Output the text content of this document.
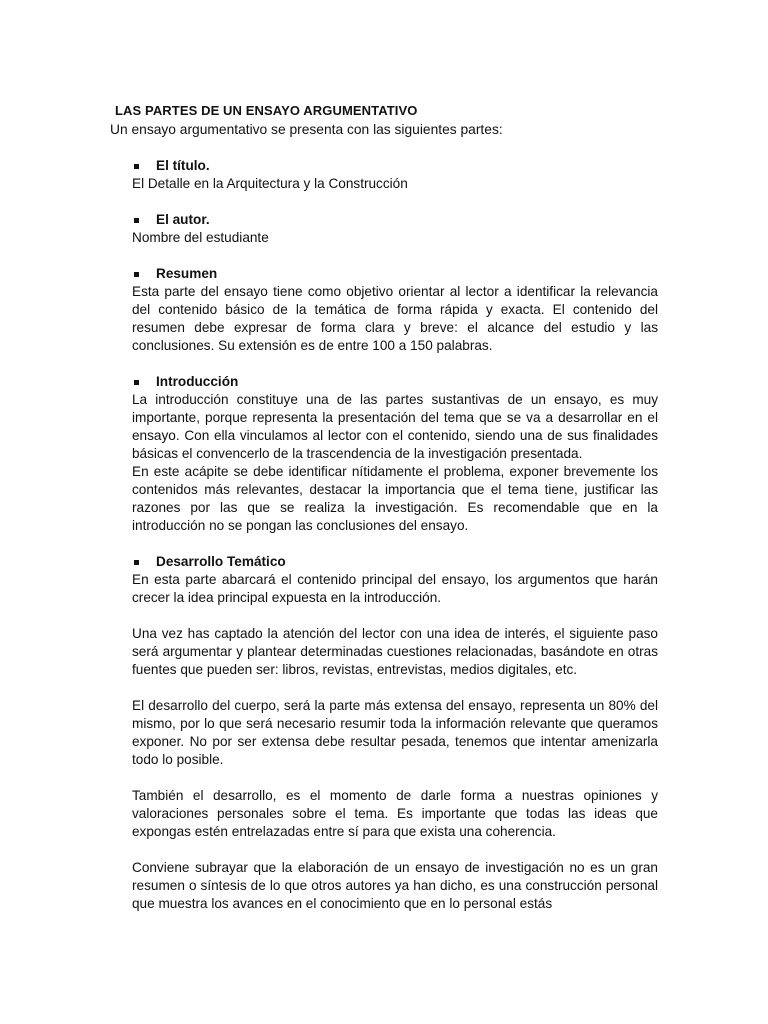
LAS PARTES DE UN ENSAYO ARGUMENTATIVO

Un ensayo argumentativo se presenta con las siguientes partes:

El título.

El Detalle en la Arquitectura y la Construcción

El autor.

Nombre del estudiante

Resumen

Esta parte del ensayo tiene como objetivo orientar al lector a identificar la relevancia del contenido básico de la temática de forma rápida y exacta. El contenido del resumen debe expresar de forma clara y breve: el alcance del estudio y las conclusiones. Su extensión es de entre 100 a 150 palabras.

Introducción

La introducción constituye una de las partes sustantivas de un ensayo, es muy importante, porque representa la presentación del tema que se va a desarrollar en el ensayo. Con ella vinculamos al lector con el contenido, siendo una de sus finalidades básicas el convencerlo de la trascendencia de la investigación presentada.

En este acápite se debe identificar nítidamente el problema, exponer brevemente los contenidos más relevantes, destacar la importancia que el tema tiene, justificar las razones por las que se realiza la investigación. Es recomendable que en la introducción no se pongan las conclusiones del ensayo.

Desarrollo Temático

En esta parte abarcará el contenido principal del ensayo, los argumentos que harán crecer la idea principal expuesta en la introducción.

Una vez has captado la atención del lector con una idea de interés, el siguiente paso será argumentar y plantear determinadas cuestiones relacionadas, basándote en otras fuentes que pueden ser: libros, revistas, entrevistas, medios digitales, etc.

El desarrollo del cuerpo, será la parte más extensa del ensayo, representa un 80% del mismo, por lo que será necesario resumir toda la información relevante que queramos exponer. No por ser extensa debe resultar pesada, tenemos que intentar amenizarla todo lo posible.

También el desarrollo, es el momento de darle forma a nuestras opiniones y valoraciones personales sobre el tema. Es importante que todas las ideas que expongas estén entrelazadas entre sí para que exista una coherencia.

Conviene subrayar que la elaboración de un ensayo de investigación no es un gran resumen o síntesis de lo que otros autores ya han dicho, es una construcción personal que muestra los avances en el conocimiento que en lo personal estás
